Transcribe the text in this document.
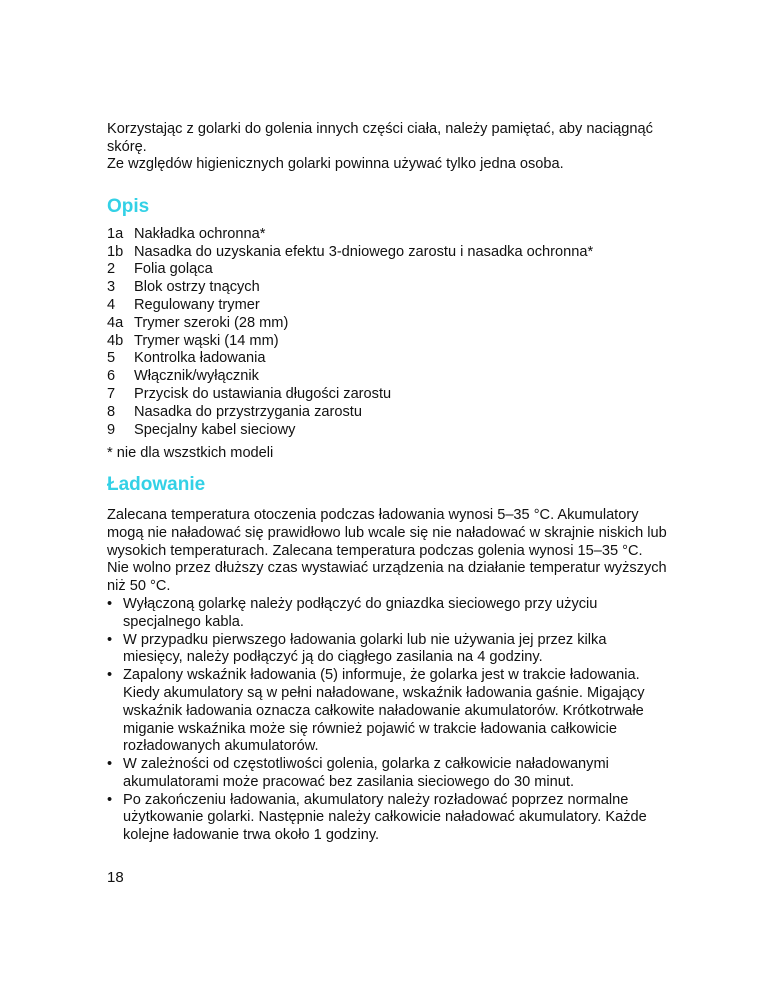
Korzystając z golarki do golenia innych części ciała, należy pamiętać, aby naciągnąć skórę.

Ze względów higienicznych golarki powinna używać tylko jedna osoba.

Opis
1a Nakładka ochronna*
1b Nasadka do uzyskania efektu 3-dniowego zarostu i nasadka ochronna*
2	Folia goląca
3	Blok ostrzy tnących
4	Regulowany trymer
4a Trymer szeroki (28 mm)
4b Trymer wąski (14 mm)
5	Kontrolka ładowania
6	Włącznik/wyłącznik
7	Przycisk do ustawiania długości zarostu
8	Nasadka do przystrzygania zarostu
9	Specjalny kabel sieciowy

* nie dla wszstkich modeli

Ładowanie

Zalecana temperatura otoczenia podczas ładowania wynosi 5–35 °C. Akumulatory mogą nie naładować się prawidłowo lub wcale się nie naładować w skrajnie niskich lub wysokich temperaturach. Zalecana temperatura podczas golenia wynosi 15–35 °C. Nie wolno przez dłuższy czas wystawiać urządzenia na działanie temperatur wyższych niż 50 °C.

• Wyłączoną golarkę należy podłączyć do gniazdka sieciowego przy użyciu specjalnego kabla.
• W przypadku pierwszego ładowania golarki lub nie używania jej przez kilka miesięcy, należy podłączyć ją do ciągłego zasilania na 4 godziny.
• Zapalony wskaźnik ładowania (5) informuje, że golarka jest w trakcie ładowania. Kiedy akumulatory są w pełni naładowane, wskaźnik ładowania gaśnie. Migający wskaźnik ładowania oznacza całkowite naładowanie akumulatorów. Krótkotrwałe miganie wskaźnika może się również pojawić w trakcie ładowania całkowicie rozładowanych akumulatorów.
• W zależności od częstotliwości golenia, golarka z całkowicie naładowanymi akumulatorami może pracować bez zasilania sieciowego do 30 minut.
• Po zakończeniu ładowania, akumulatory należy rozładować poprzez normalne użytkowanie golarki. Następnie należy całkowicie naładować akumulatory. Każde kolejne ładowanie trwa około 1 godziny.
18
